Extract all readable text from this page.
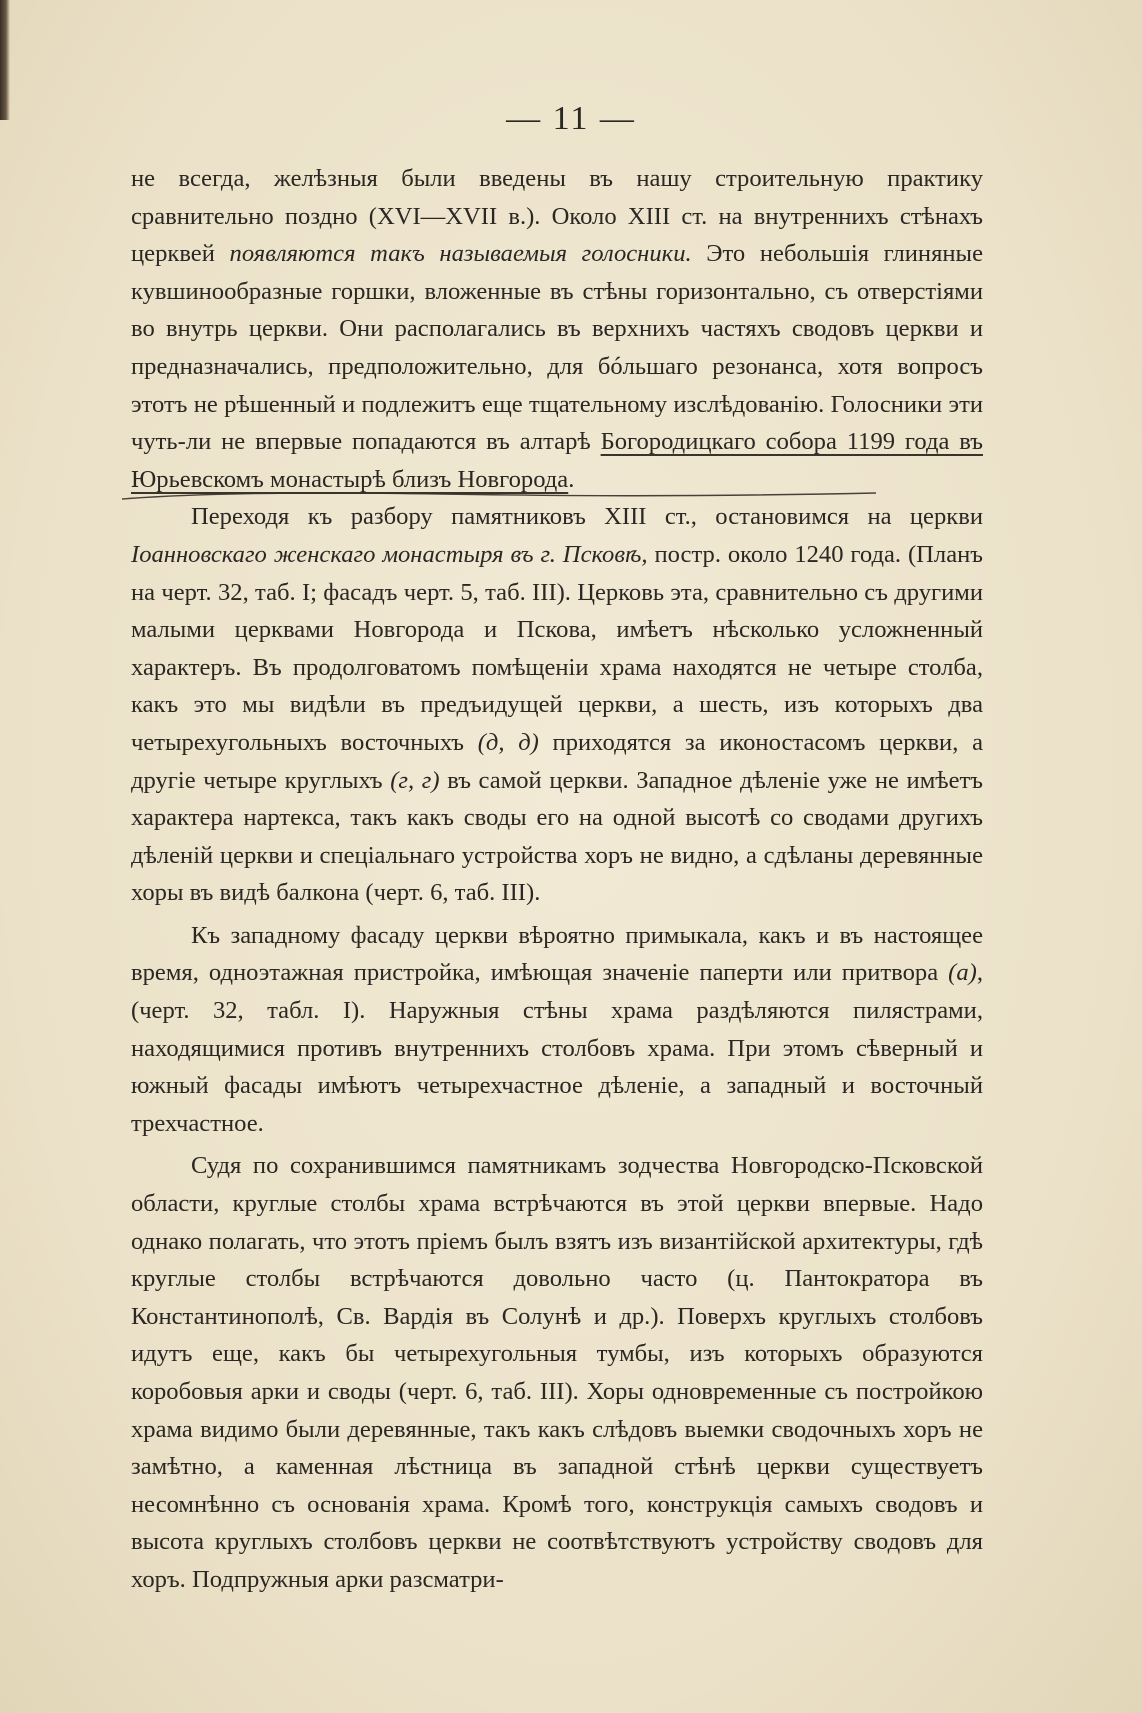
— 11 —

не всегда, желѣзныя были введены въ нашу строительную практику сравнительно поздно (XVI—XVII в.). Около XIII ст. на внутреннихъ стѣнахъ церквей появляются такъ называемыя голосники. Это небольшія глиняные кувшинообразные горшки, вложенные въ стѣны горизонтально, съ отверстіями во внутрь церкви. Они располагались въ верхнихъ частяхъ сводовъ церкви и предназначались, предположительно, для бóльшаго резонанса, хотя вопросъ этотъ не рѣшенный и подлежитъ еще тщательному изслѣдованію. Голосники эти чуть-ли не впервые попадаются въ алтарѣ Богородицкаго собора 1199 года въ Юрьевскомъ монастырѣ близъ Новгорода.

Переходя къ разбору памятниковъ XIII ст., остановимся на церкви Іоанновскаго женскаго монастыря въ г. Псковѣ, постр. около 1240 года. (Планъ на черт. 32, таб. I; фасадъ черт. 5, таб. III). Церковь эта, сравнительно съ другими малыми церквами Новгорода и Пскова, имѣетъ нѣсколько усложненный характеръ. Въ продолговатомъ помѣщеніи храма находятся не четыре столба, какъ это мы видѣли въ предъидущей церкви, а шесть, изъ которыхъ два четырехугольныхъ восточныхъ (д, д) приходятся за иконостасомъ церкви, а другіе четыре круглыхъ (г, г) въ самой церкви. Западное дѣленіе уже не имѣетъ характера нартекса, такъ какъ своды его на одной высотѣ со сводами другихъ дѣленій церкви и спеціальнаго устройства хоръ не видно, а сдѣланы деревянные хоры въ видѣ балкона (черт. 6, таб. III).

Къ западному фасаду церкви вѣроятно примыкала, какъ и въ настоящее время, одноэтажная пристройка, имѣющая значеніе паперти или притвора (а), (черт. 32, табл. I). Наружныя стѣны храма раздѣляются пилястрами, находящимися противъ внутреннихъ столбовъ храма. При этомъ сѣверный и южный фасады имѣютъ четырехчастное дѣленіе, а западный и восточный трехчастное.

Судя по сохранившимся памятникамъ зодчества Новгородско-Псковской области, круглые столбы храма встрѣчаются въ этой церкви впервые. Надо однако полагать, что этотъ пріемъ былъ взятъ изъ византійской архитектуры, гдѣ круглые столбы встрѣчаются довольно часто (ц. Пантократора въ Константинополѣ, Св. Вардія въ Солунѣ и др.). Поверхъ круглыхъ столбовъ идутъ еще, какъ бы четырехугольныя тумбы, изъ которыхъ образуются коробовыя арки и своды (черт. 6, таб. III). Хоры одновременные съ постройкою храма видимо были деревянные, такъ какъ слѣдовъ выемки сводочныхъ хоръ не замѣтно, а каменная лѣстница въ западной стѣнѣ церкви существуетъ несомнѣнно съ основанія храма. Кромѣ того, конструкція самыхъ сводовъ и высота круглыхъ столбовъ церкви не соотвѣтствуютъ устройству сводовъ для хоръ. Подпружныя арки разсматри-
